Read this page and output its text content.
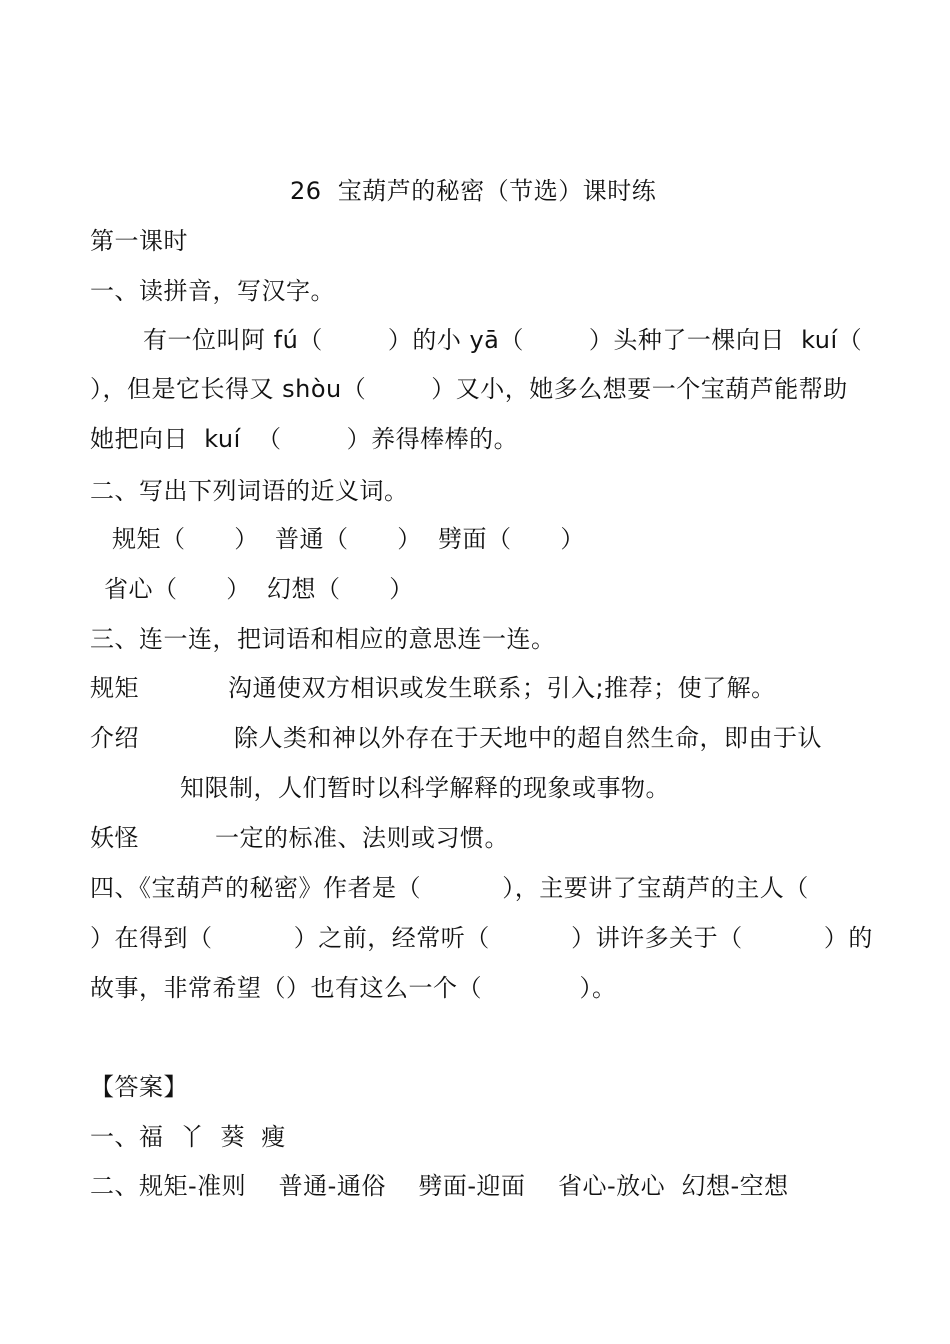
26  宝葫芦的秘密（节选）课时练
第一课时
一、读拼音，写汉字。
有一位叫阿 fú（        ）的小 yā（        ）头种了一棵向日  kuí（
），但是它长得又 shòu（        ）又小，她多么想要一个宝葫芦能帮助
她把向日  kuí  （        ）养得棒棒的。
二、写出下列词语的近义词。
规矩（      ）  普通（      ）  劈面（      ）
省心（      ）  幻想（      ）
三、连一连，把词语和相应的意思连一连。
规矩	沟通使双方相识或发生联系；引入;推荐；使了解。
介绍	除人类和神以外存在于天地中的超自然生命，即由于认
知限制，人们暂时以科学解释的现象或事物。
妖怪	一定的标准、法则或习惯。
四、《宝葫芦的秘密》作者是（          ），主要讲了宝葫芦的主人（
）在得到（          ）之前，经常听（          ）讲许多关于（          ）的
故事，非常希望（）也有这么一个（            ）。
【答案】
一、福  丫  葵  瘦
二、规矩-准则    普通-通俗    劈面-迎面    省心-放心  幻想-空想
